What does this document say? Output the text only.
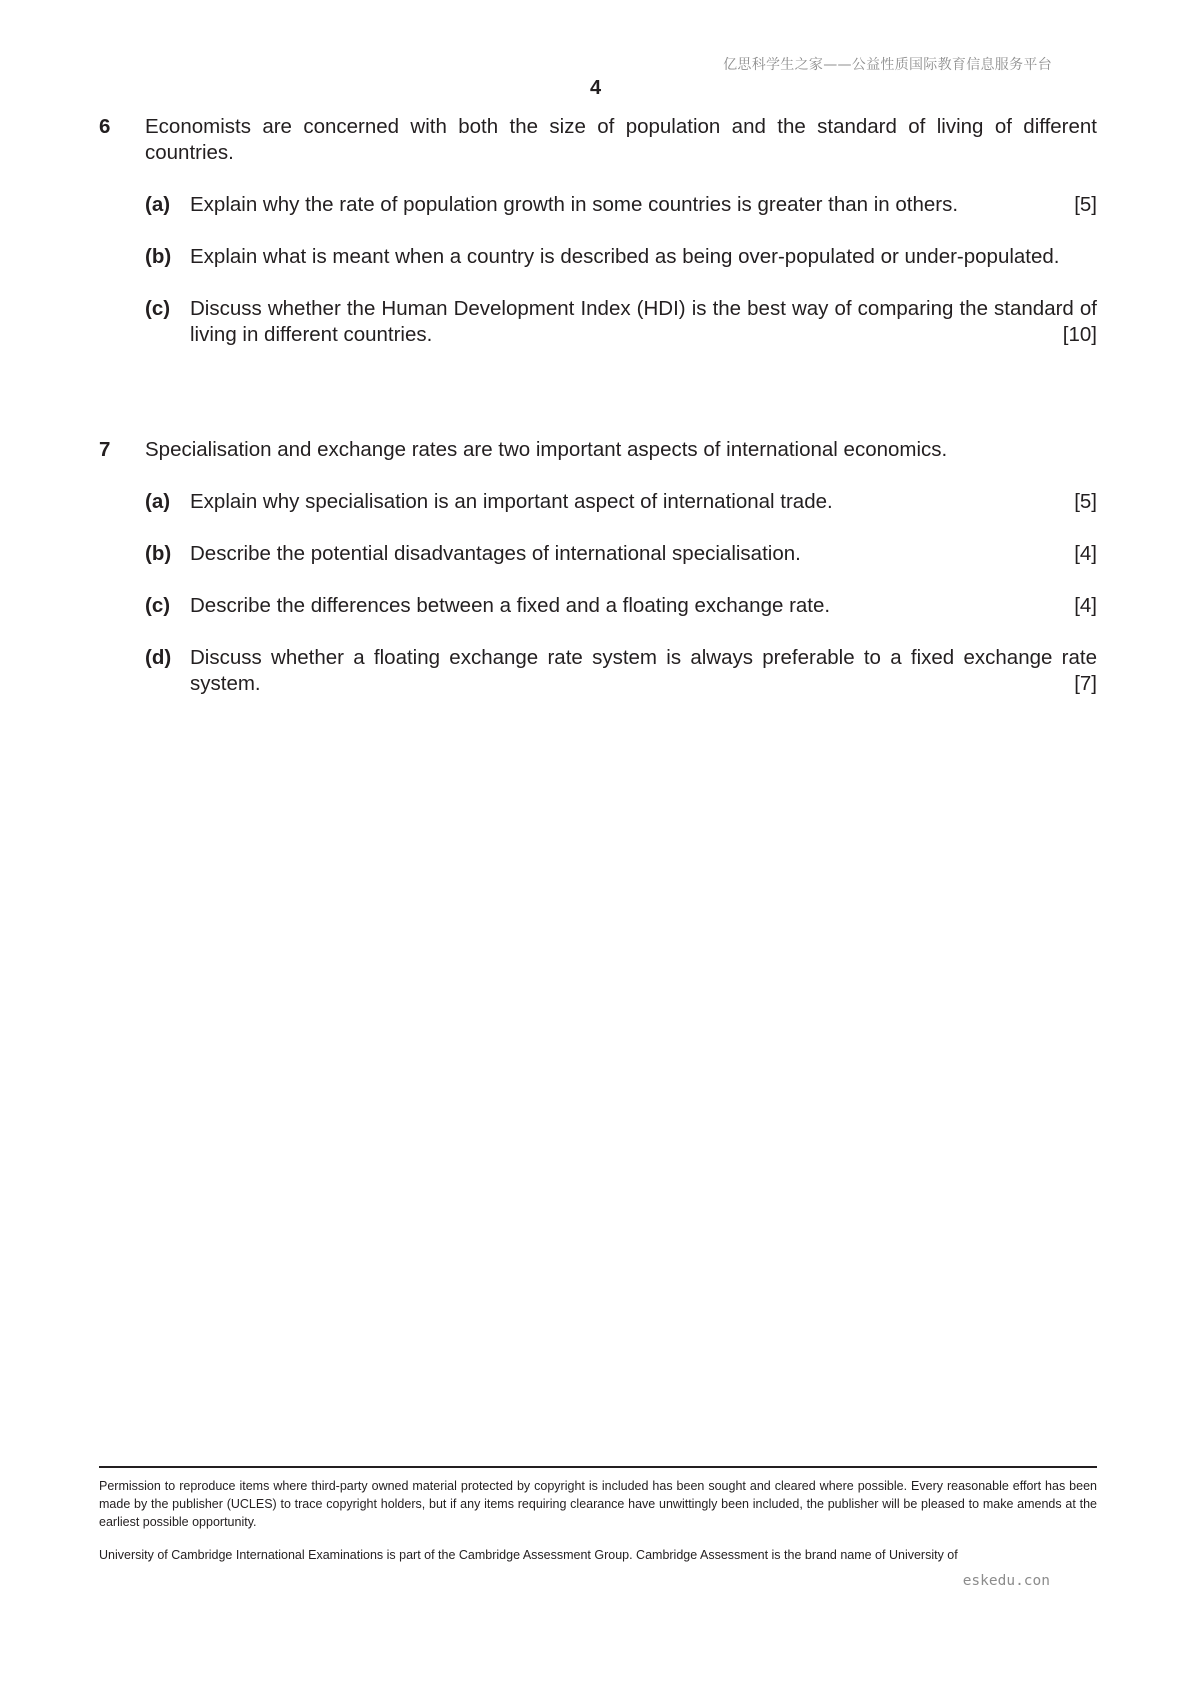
亿思科学生之家——公益性质国际教育信息服务平台
4
6 Economists are concerned with both the size of population and the standard of living of different countries.
(a)	[5]
Explain why the rate of population growth in some countries is greater than in others.
(b) Explain what is meant when a country is described as being over-populated or under-populated.
(c) Discuss whether the Human Development Index (HDI) is the best way of comparing the standard of living in different countries.	[10]
7 Specialisation and exchange rates are two important aspects of international economics.
(a)	[5]
Explain why specialisation is an important aspect of international trade.
(b)	[4]
Describe the potential disadvantages of international specialisation.
(c)	[4]
Describe the differences between a fixed and a floating exchange rate.
(d) Discuss whether a floating exchange rate system is always preferable to a fixed exchange rate system.	[7]
Permission to reproduce items where third-party owned material protected by copyright is included has been sought and cleared where possible. Every reasonable effort has been made by the publisher (UCLES) to trace copyright holders, but if any items requiring clearance have unwittingly been included, the publisher will be pleased to make amends at the earliest possible opportunity.
University of Cambridge International Examinations is part of the Cambridge Assessment Group. Cambridge Assessment is the brand name of University of
eskedu.con
